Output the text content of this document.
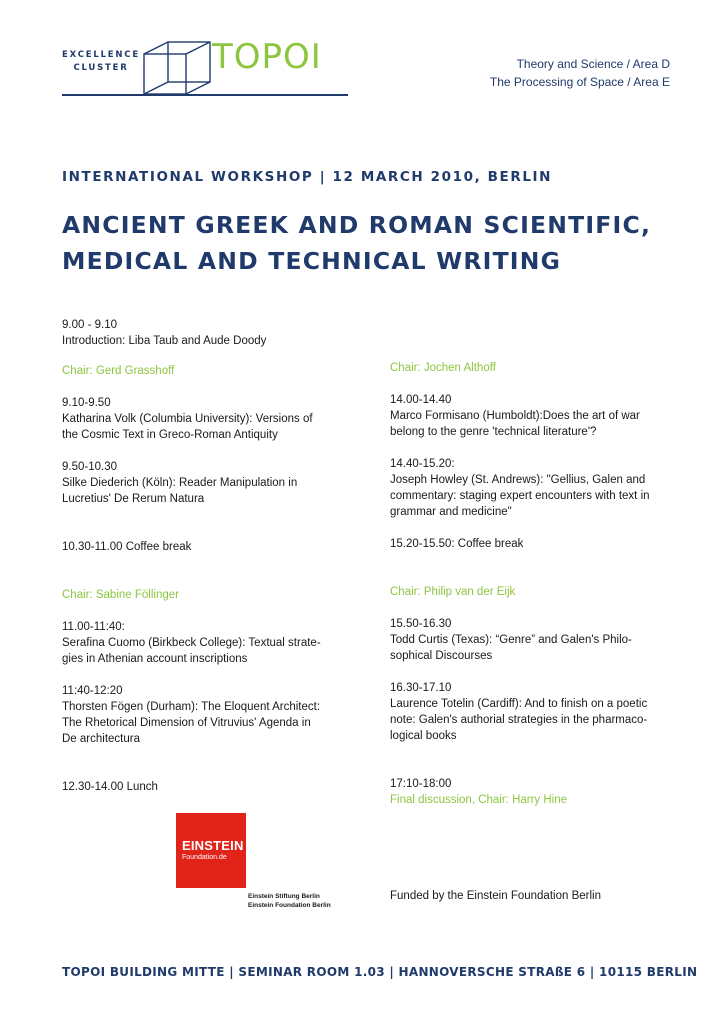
EXCELLENCE
CLUSTER	TOPOI	Theory and Science / Area D
The Processing of Space / Area E
INTERNATIONAL WORKSHOP | 12 MARCH 2010, BERLIN
ANCIENT GREEK AND ROMAN SCIENTIFIC,
MEDICAL AND TECHNICAL WRITING
9.00 - 9.10
Introduction: Liba Taub and Aude Doody
Chair: Gerd Grasshoff
9.10-9.50
Katharina Volk (Columbia University): Versions of
the Cosmic Text in Greco-Roman Antiquity
9.50-10.30
Silke Diederich (Köln): Reader Manipulation in
Lucretius' De Rerum Natura
10.30-11.00 Coffee break
Chair: Sabine Föllinger
11.00-11:40:
Serafina Cuomo (Birkbeck College): Textual strate-
gies in Athenian account inscriptions
11:40-12:20
Thorsten Fögen (Durham): The Eloquent Architect:
The Rhetorical Dimension of Vitruvius' Agenda in
De architectura
12.30-14.00 Lunch
Chair: Jochen Althoff
14.00-14.40
Marco Formisano (Humboldt):Does the art of war
belong to the genre 'technical literature'?
14.40-15.20:
Joseph Howley (St. Andrews): "Gellius, Galen and
commentary: staging expert encounters with text in
grammar and medicine"
15.20-15.50: Coffee break
Chair: Philip van der Eijk
15.50-16.30
Todd Curtis (Texas): “Genre” and Galen's Philo-
sophical Discourses
16.30-17.10
Laurence Totelin (Cardiff): And to finish on a poetic
note: Galen's authorial strategies in the pharmaco-
logical books
17:10-18:00
Final discussion, Chair: Harry Hine
Funded by the Einstein Foundation Berlin
EINSTEIN
Foundation.de
Einstein Stiftung Berlin
Einstein Foundation Berlin
TOPOI BUILDING MITTE | SEMINAR ROOM 1.03 | HANNOVERSCHE STRAßE 6 | 10115 BERLIN
